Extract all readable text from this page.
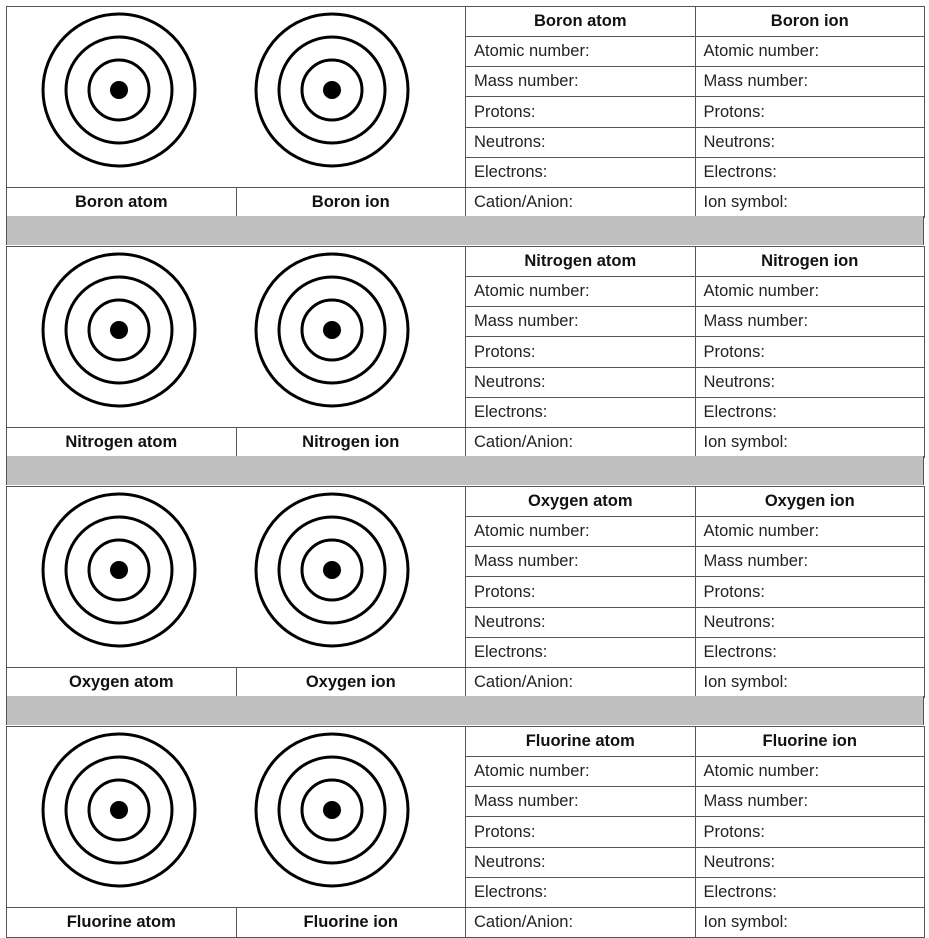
		Boron atom	Boron ion
		Atomic number:	Atomic number:
		Mass number:	Mass number:
		Protons:	Protons:
		Neutrons:	Neutrons:
		Electrons:	Electrons:
Boron atom	Boron ion	Cation/Anion:	Ion symbol:
		Nitrogen atom	Nitrogen ion
		Atomic number:	Atomic number:
		Mass number:	Mass number:
		Protons:	Protons:
		Neutrons:	Neutrons:
		Electrons:	Electrons:
Nitrogen atom	Nitrogen ion	Cation/Anion:	Ion symbol:
		Oxygen atom	Oxygen ion
		Atomic number:	Atomic number:
		Mass number:	Mass number:
		Protons:	Protons:
		Neutrons:	Neutrons:
		Electrons:	Electrons:
Oxygen atom	Oxygen ion	Cation/Anion:	Ion symbol:
		Fluorine atom	Fluorine ion
		Atomic number:	Atomic number:
		Mass number:	Mass number:
		Protons:	Protons:
		Neutrons:	Neutrons:
		Electrons:	Electrons:
Fluorine atom	Fluorine ion	Cation/Anion:	Ion symbol:
